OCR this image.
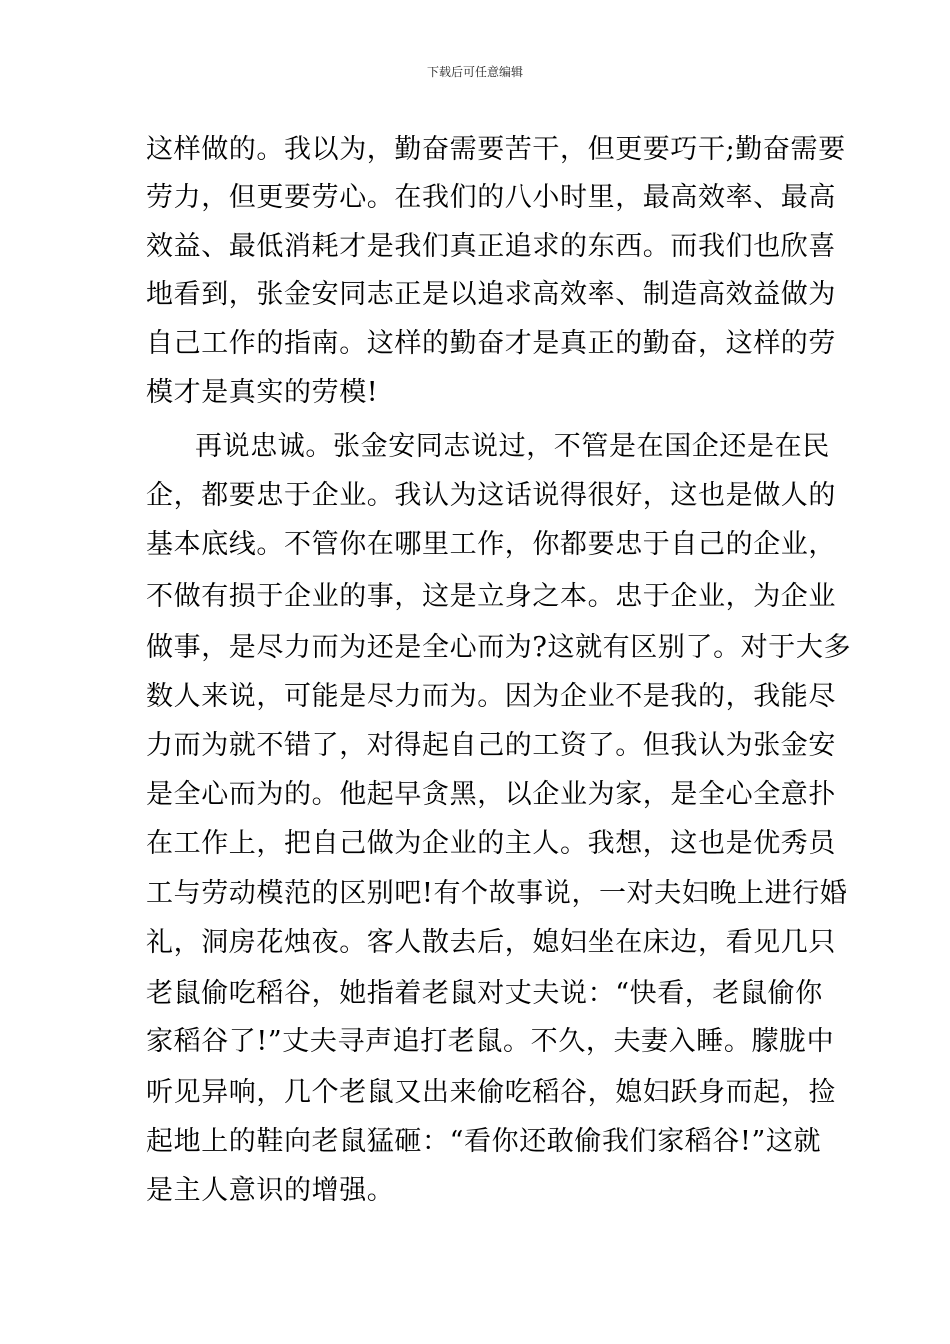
下载后可任意编辑
这样做的。我以为，勤奋需要苦干，但更要巧干;勤奋需要
劳力，但更要劳心。在我们的八小时里，最高效率、最高
效益、最低消耗才是我们真正追求的东西。而我们也欣喜
地看到，张金安同志正是以追求高效率、制造高效益做为
自己工作的指南。这样的勤奋才是真正的勤奋，这样的劳
模才是真实的劳模!
再说忠诚。张金安同志说过，不管是在国企还是在民
企，都要忠于企业。我认为这话说得很好，这也是做人的
基本底线。不管你在哪里工作，你都要忠于自己的企业，
不做有损于企业的事，这是立身之本。忠于企业，为企业
做事，是尽力而为还是全心而为?这就有区别了。对于大多
数人来说，可能是尽力而为。因为企业不是我的，我能尽
力而为就不错了，对得起自己的工资了。但我认为张金安
是全心而为的。他起早贪黑，以企业为家，是全心全意扑
在工作上，把自己做为企业的主人。我想，这也是优秀员
工与劳动模范的区别吧!有个故事说，一对夫妇晚上进行婚
礼，洞房花烛夜。客人散去后，媳妇坐在床边，看见几只
老鼠偷吃稻谷，她指着老鼠对丈夫说：“快看，老鼠偷你
家稻谷了!”丈夫寻声追打老鼠。不久，夫妻入睡。朦胧中
听见异响，几个老鼠又出来偷吃稻谷，媳妇跃身而起，捡
起地上的鞋向老鼠猛砸：“看你还敢偷我们家稻谷!”这就
是主人意识的增强。
